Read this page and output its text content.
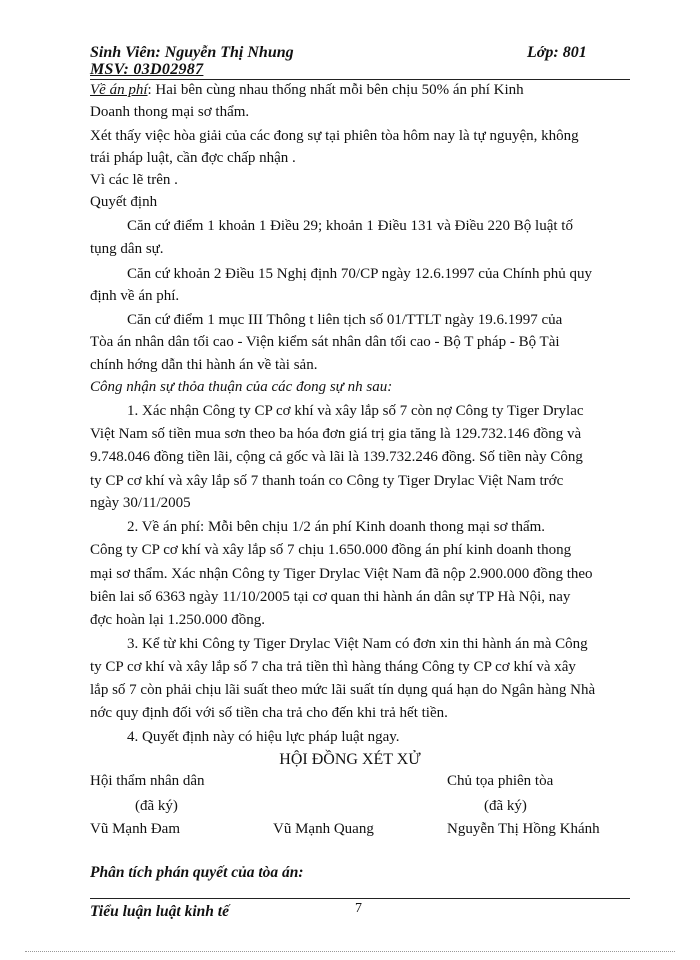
Sinh Viên: Nguyễn Thị Nhung	Lớp: 801
MSV: 03D02987
Về án phí: Hai bên cùng nhau thống nhất mỗi bên chịu 50% án phí Kinh
Doanh thong mại sơ thẩm.
Xét thấy việc hòa giải của các đong sự tại phiên tòa hôm nay là tự nguyện, không
trái pháp luật, cần đợc chấp nhận .
Vì các lẽ trên .
Quyết định
Căn cứ điểm 1 khoản 1 Điều 29; khoản 1 Điều 131 và Điều 220 Bộ luật tố
tụng dân sự.
Căn cứ khoản 2 Điều 15 Nghị định 70/CP ngày 12.6.1997 của Chính phủ quy
định về án phí.
Căn cứ điểm 1 mục III Thông t liên tịch số 01/TTLT ngày 19.6.1997 của
Tòa án nhân dân tối cao - Viện kiểm sát nhân dân tối cao - Bộ T pháp - Bộ Tài
chính hớng dẫn thi hành án về tài sản.
Công nhận sự thỏa thuận của các đong sự nh sau:
1. Xác nhận Công ty CP cơ khí và xây lắp số 7 còn nợ Công ty Tiger Drylac
Việt Nam số tiền mua sơn theo ba hóa đơn giá trị gia tăng là 129.732.146 đồng và
9.748.046 đồng tiền lãi, cộng cả gốc và lãi là 139.732.246 đồng. Số tiền này Công
ty CP cơ khí và xây lắp số 7 thanh toán co Công ty Tiger Drylac Việt Nam trớc
ngày 30/11/2005
2. Về án phí: Mỗi bên chịu 1/2 án phí Kinh doanh thong mại sơ thẩm.
Công ty CP cơ khí và xây lắp số 7 chịu 1.650.000 đồng án phí kinh doanh thong
mại sơ thẩm. Xác nhận Công ty Tiger Drylac Việt Nam đã nộp 2.900.000 đồng theo
biên lai số 6363 ngày 11/10/2005 tại cơ quan thi hành án dân sự TP Hà Nội, nay
đợc hoàn lại 1.250.000 đồng.
3. Kể từ khi Công ty Tiger Drylac Việt Nam có đơn xin thi hành án mà Công
ty CP cơ khí và xây lắp số 7 cha trả tiền thì hàng tháng Công ty CP cơ khí và xây
lắp số 7 còn phải chịu lãi suất theo mức lãi suất tín dụng quá hạn do Ngân hàng Nhà
nớc quy định đối với số tiền cha trả cho đến khi trả hết tiền.
4. Quyết định này có hiệu lực pháp luật ngay.
HỘI ĐỒNG XÉT XỬ
Hội thẩm nhân dân	Chủ tọa phiên tòa
(đã ký)	(đã ký)
Vũ Mạnh Đam	Vũ Mạnh Quang	Nguyễn Thị Hồng Khánh
Phân tích phán quyết của tòa án:
Tiểu luận luật kinh tế	7
